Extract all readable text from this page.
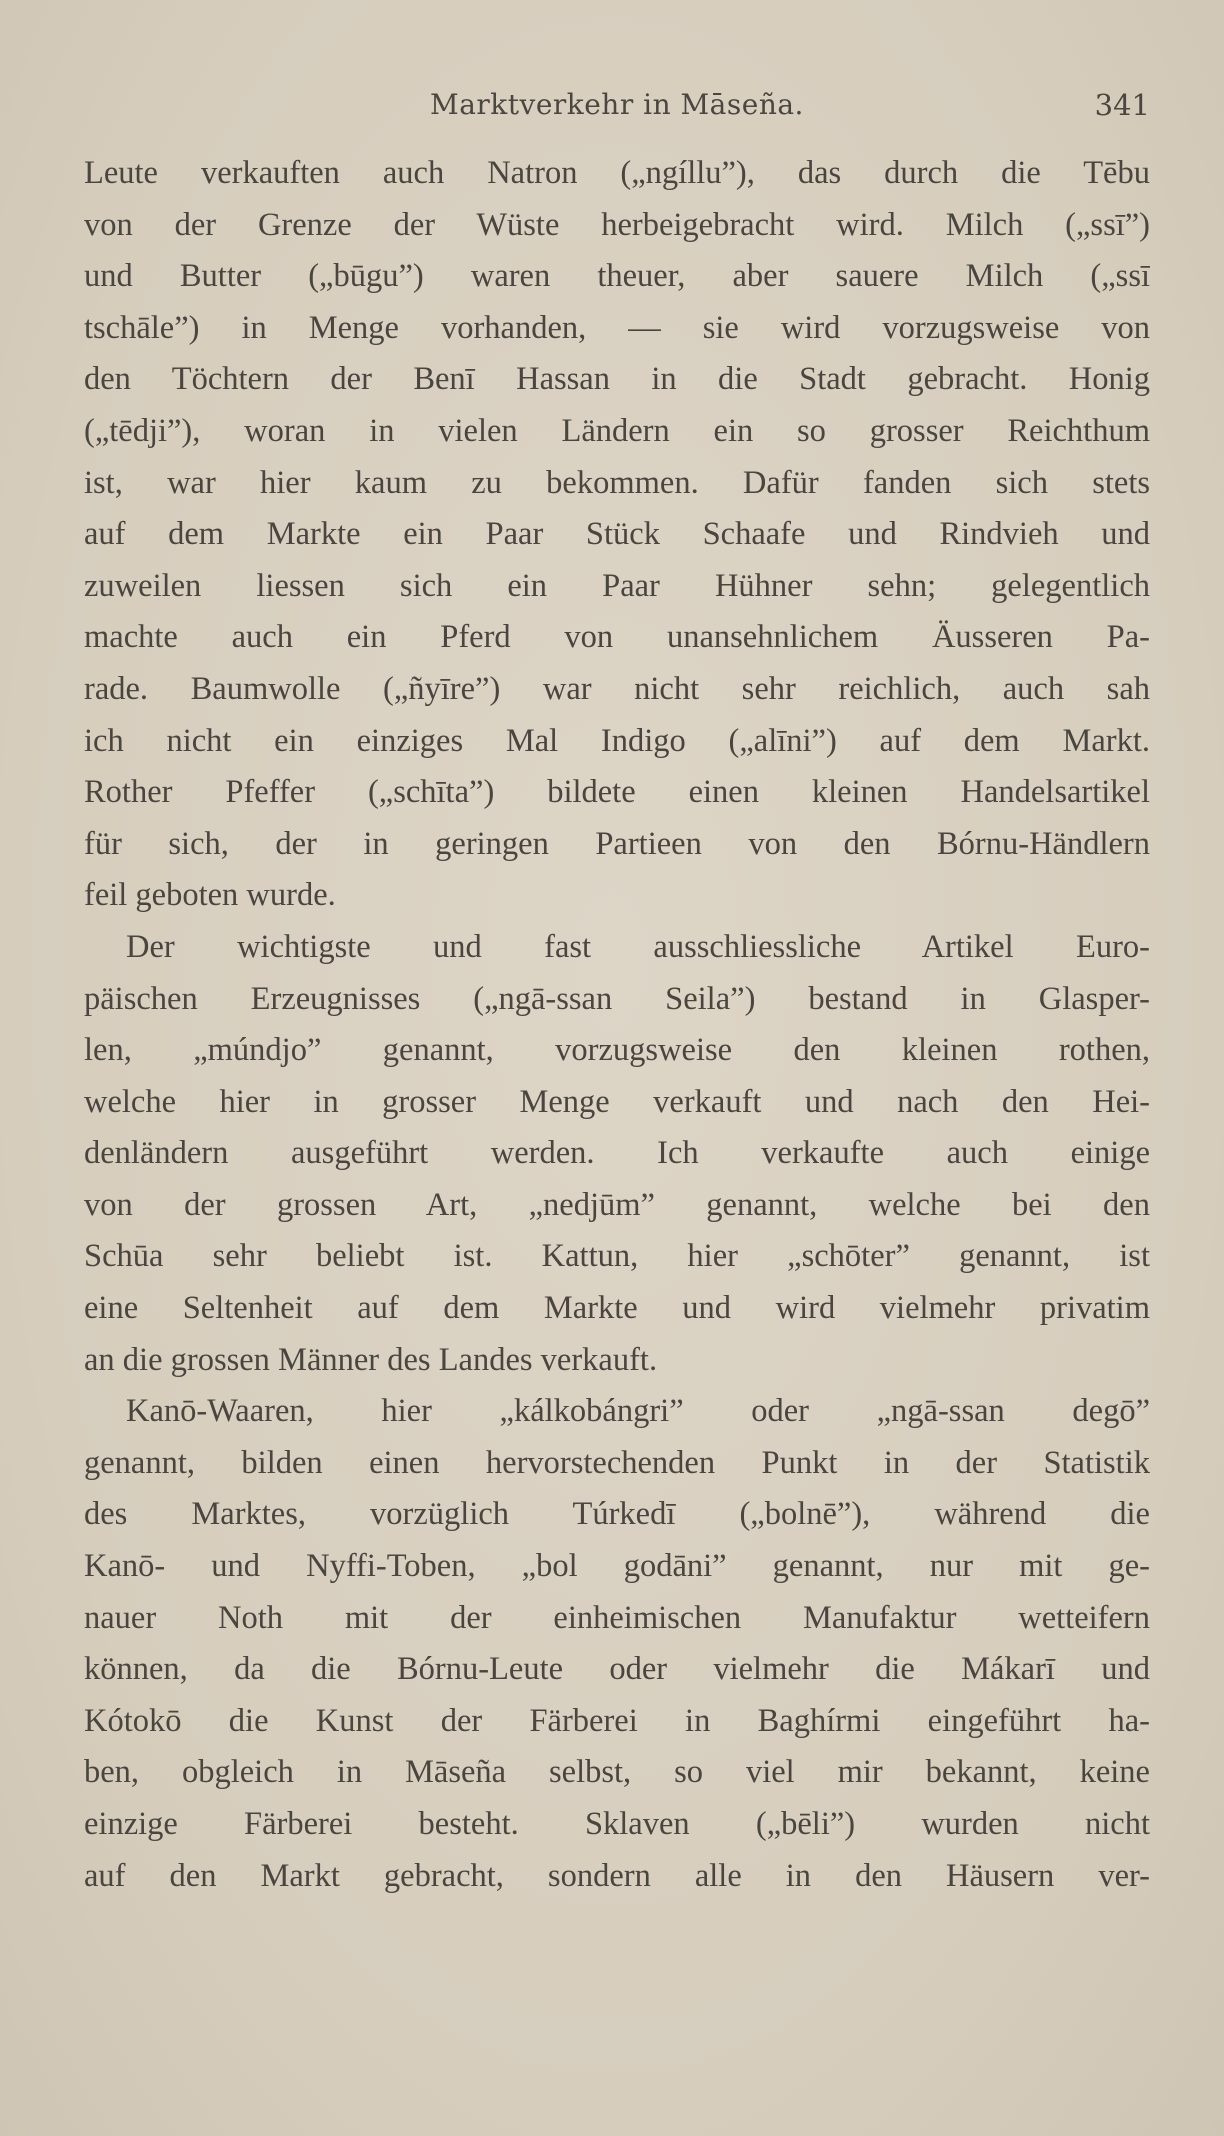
Marktverkehr in Māseña.	341
Leute verkauften auch Natron („ngíllu”), das durch die Tēbu
von der Grenze der Wüste herbeigebracht wird. Milch („ssī”)
und Butter („būgu”) waren theuer, aber sauere Milch („ssī
tschāle”) in Menge vorhanden, — sie wird vorzugsweise von
den Töchtern der Benī Hassan in die Stadt gebracht. Honig
(„tēdji”), woran in vielen Ländern ein so grosser Reichthum
ist, war hier kaum zu bekommen. Dafür fanden sich stets
auf dem Markte ein Paar Stück Schaafe und Rindvieh und
zuweilen liessen sich ein Paar Hühner sehn; gelegentlich
machte auch ein Pferd von unansehnlichem Äusseren Pa-
rade. Baumwolle („ñyīre”) war nicht sehr reichlich, auch sah
ich nicht ein einziges Mal Indigo („alīni”) auf dem Markt.
Rother Pfeffer („schīta”) bildete einen kleinen Handelsartikel
für sich, der in geringen Partieen von den Bórnu-Händlern
feil geboten wurde.
Der wichtigste und fast ausschliessliche Artikel Euro-
päischen Erzeugnisses („ngā-ssan Seila”) bestand in Glasper-
len, „múndjo” genannt, vorzugsweise den kleinen rothen,
welche hier in grosser Menge verkauft und nach den Hei-
denländern ausgeführt werden. Ich verkaufte auch einige
von der grossen Art, „nedjūm” genannt, welche bei den
Schūa sehr beliebt ist. Kattun, hier „schōter” genannt, ist
eine Seltenheit auf dem Markte und wird vielmehr privatim
an die grossen Männer des Landes verkauft.
Kanō-Waaren, hier „kálkobángri” oder „ngā-ssan degō”
genannt, bilden einen hervorstechenden Punkt in der Statistik
des Marktes, vorzüglich Túrkedī („bolnē”), während die
Kanō- und Nyffi-Toben, „bol godāni” genannt, nur mit ge-
nauer Noth mit der einheimischen Manufaktur wetteifern
können, da die Bórnu-Leute oder vielmehr die Mákarī und
Kótokō die Kunst der Färberei in Baghírmi eingeführt ha-
ben, obgleich in Māseña selbst, so viel mir bekannt, keine
einzige Färberei besteht. Sklaven („bēli”) wurden nicht
auf den Markt gebracht, sondern alle in den Häusern ver-
